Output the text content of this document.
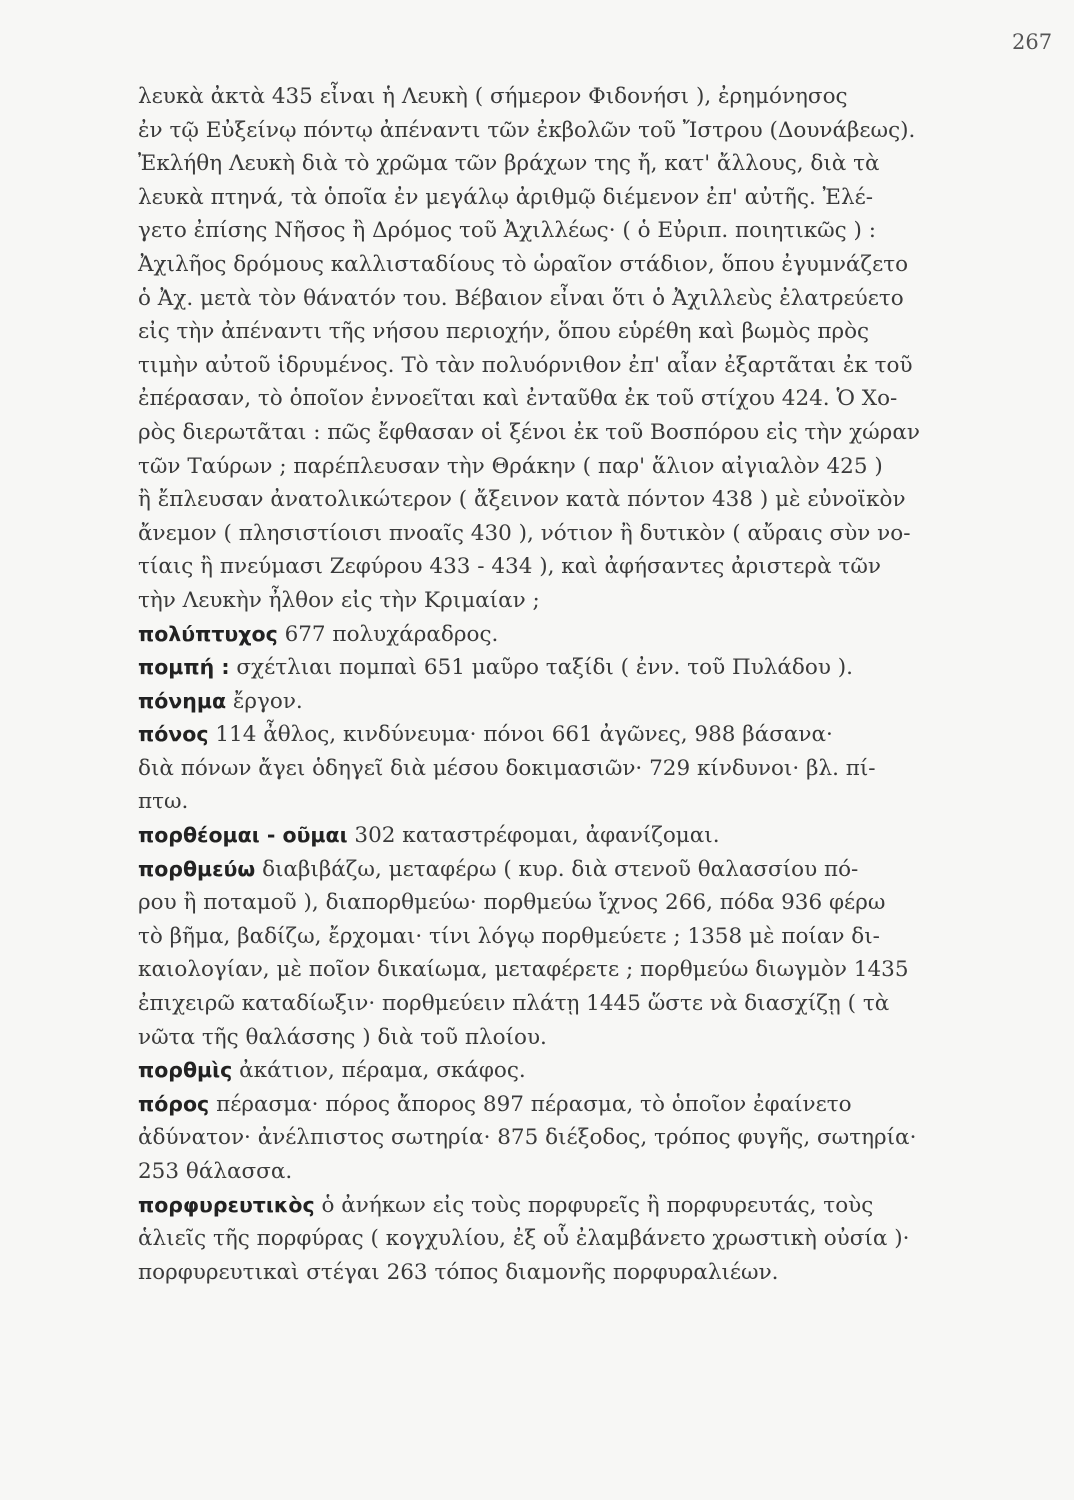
267
λευκὰ ἀκτὰ 435 εἶναι ἡ Λευκὴ ( σήμερον Φιδονήσι ), ἐρημόνησος
ἐν τῷ Εὐξείνῳ πόντῳ ἀπέναντι τῶν ἐκβολῶν τοῦ Ἴστρου (Δουνάβεως).
Ἐκλήθη Λευκὴ διὰ τὸ χρῶμα τῶν βράχων της ἤ, κατ' ἄλλους, διὰ τὰ
λευκὰ πτηνά, τὰ ὁποῖα ἐν μεγάλῳ ἀριθμῷ διέμενον ἐπ' αὐτῆς. Ἐλέ-
γετο ἐπίσης Νῆσος ἢ Δρόμος τοῦ Ἀχιλλέως· ( ὁ Εὐριπ. ποιητικῶς ) :
Ἀχιλῆος δρόμους καλλισταδίους τὸ ὡραῖον στάδιον, ὅπου ἐγυμνάζετο
ὁ Ἀχ. μετὰ τὸν θάνατόν του. Βέβαιον εἶναι ὅτι ὁ Ἀχιλλεὺς ἐλατρεύετο
εἰς τὴν ἀπέναντι τῆς νήσου περιοχήν, ὅπου εὑρέθη καὶ βωμὸς πρὸς
τιμὴν αὐτοῦ ἱδρυμένος. Τὸ τὰν πολυόρνιθον ἐπ' αἶαν ἐξαρτᾶται ἐκ τοῦ
ἐπέρασαν, τὸ ὁποῖον ἐννοεῖται καὶ ἐνταῦθα ἐκ τοῦ στίχου 424. Ὁ Χο-
ρὸς διερωτᾶται : πῶς ἔφθασαν οἱ ξένοι ἐκ τοῦ Βοσπόρου εἰς τὴν χώραν
τῶν Ταύρων ; παρέπλευσαν τὴν Θράκην ( παρ' ἅλιον αἰγιαλὸν 425 )
ἢ ἔπλευσαν ἀνατολικώτερον ( ἄξεινον κατὰ πόντον 438 ) μὲ εὐνοϊκὸν
ἄνεμον ( πλησιστίοισι πνοαῖς 430 ), νότιον ἢ δυτικὸν ( αὔραις σὺν νο-
τίαις ἢ πνεύμασι Ζεφύρου 433 - 434 ), καὶ ἀφήσαντες ἀριστερὰ τῶν
τὴν Λευκὴν ἦλθον εἰς τὴν Κριμαίαν ;
πολύπτυχος 677 πολυχάραδρος.
πομπή : σχέτλιαι πομπαὶ 651 μαῦρο ταξίδι ( ἐνν. τοῦ Πυλάδου ).
πόνημα ἔργον.
πόνος 114 ἆθλος, κινδύνευμα· πόνοι 661 ἀγῶνες, 988 βάσανα·
διὰ πόνων ἄγει ὁδηγεῖ διὰ μέσου δοκιμασιῶν· 729 κίνδυνοι· βλ. πί-
πτω.
πορθέομαι - οῦμαι 302 καταστρέφομαι, ἀφανίζομαι.
πορθμεύω διαβιβάζω, μεταφέρω ( κυρ. διὰ στενοῦ θαλασσίου πό-
ρου ἢ ποταμοῦ ), διαπορθμεύω· πορθμεύω ἴχνος 266, πόδα 936 φέρω
τὸ βῆμα, βαδίζω, ἔρχομαι· τίνι λόγῳ πορθμεύετε ; 1358 μὲ ποίαν δι-
καιολογίαν, μὲ ποῖον δικαίωμα, μεταφέρετε ; πορθμεύω διωγμὸν 1435
ἐπιχειρῶ καταδίωξιν· πορθμεύειν πλάτῃ 1445 ὥστε νὰ διασχίζῃ ( τὰ
νῶτα τῆς θαλάσσης ) διὰ τοῦ πλοίου.
πορθμὶς ἀκάτιον, πέραμα, σκάφος.
πόρος πέρασμα· πόρος ἄπορος 897 πέρασμα, τὸ ὁποῖον ἐφαίνετο
ἀδύνατον· ἀνέλπιστος σωτηρία· 875 διέξοδος, τρόπος φυγῆς, σωτηρία·
253 θάλασσα.
πορφυρευτικὸς ὁ ἀνήκων εἰς τοὺς πορφυρεῖς ἢ πορφυρευτάς, τοὺς
ἁλιεῖς τῆς πορφύρας ( κογχυλίου, ἐξ οὗ ἐλαμβάνετο χρωστικὴ οὐσία )·
πορφυρευτικαὶ στέγαι 263 τόπος διαμονῆς πορφυραλιέων.
